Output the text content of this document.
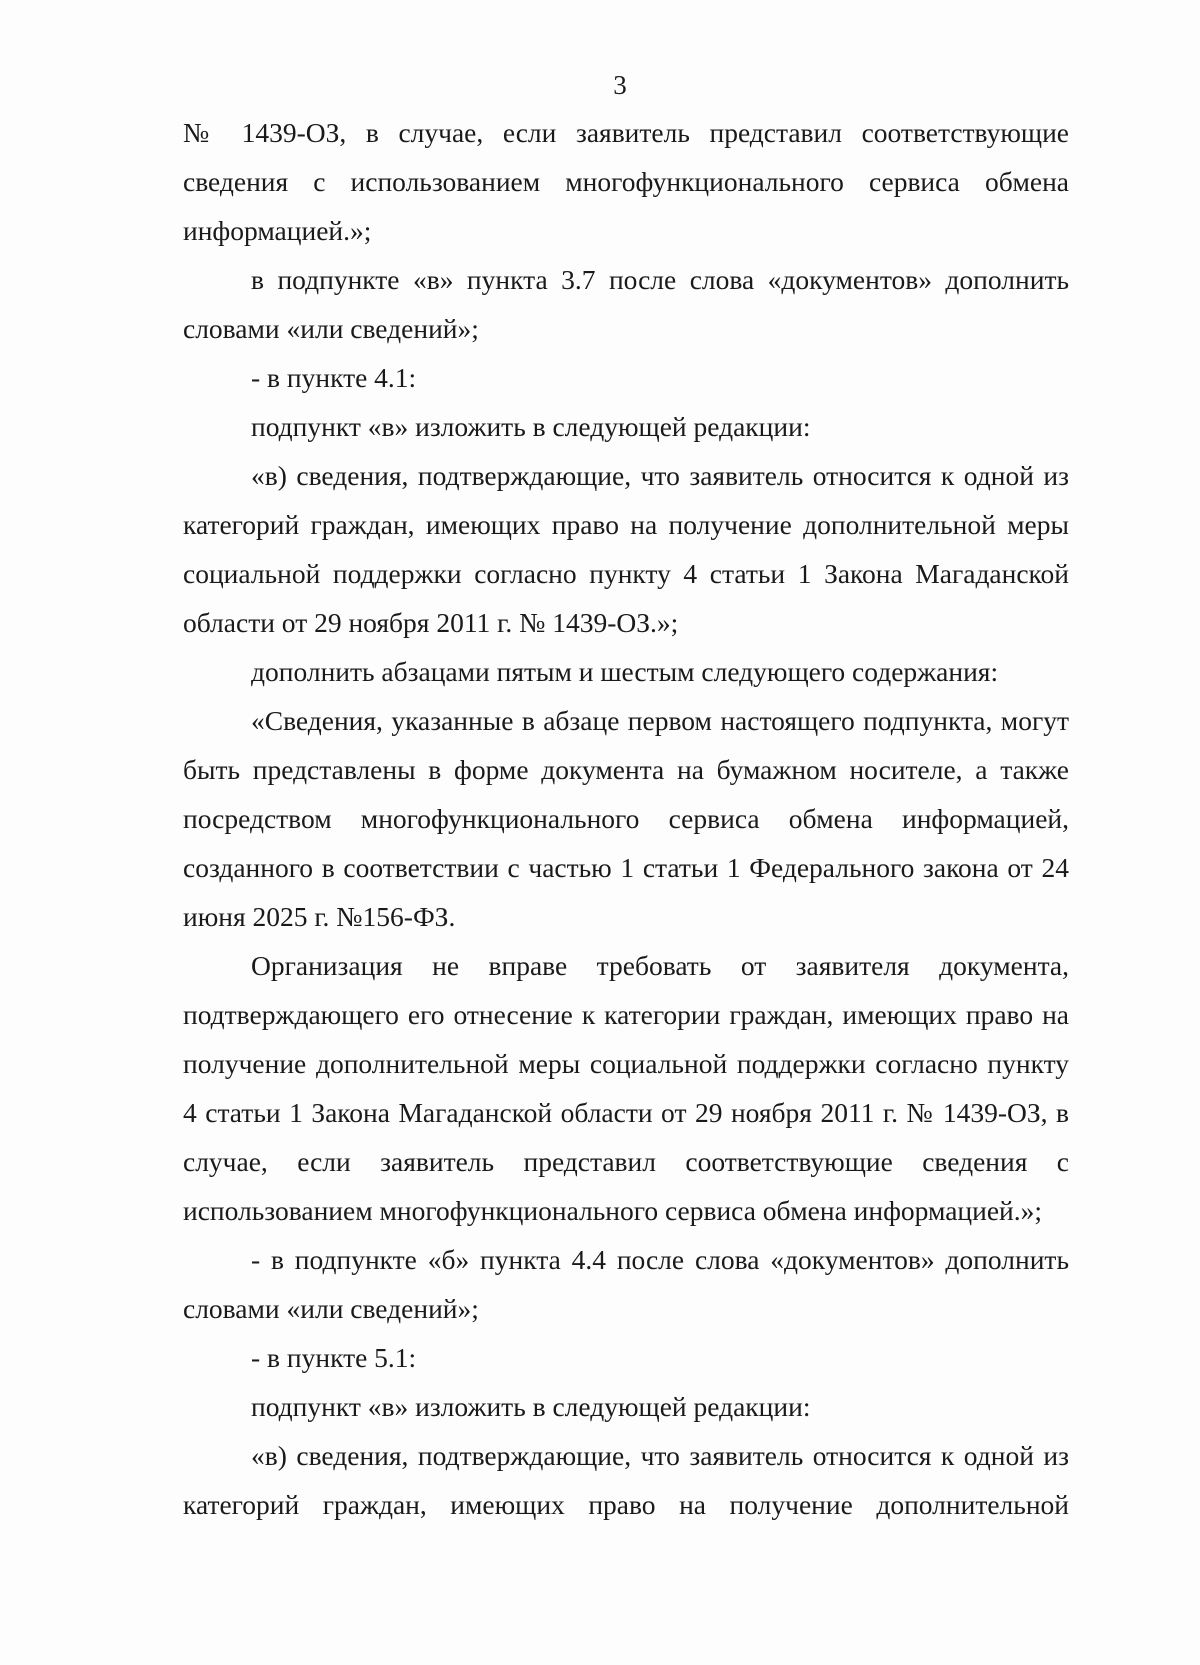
3

№ 1439-ОЗ, в случае, если заявитель представил соответствующие сведения с использованием многофункционального сервиса обмена информацией.»;

в подпункте «в» пункта 3.7 после слова «документов» дополнить словами «или сведений»;

- в пункте 4.1:

подпункт «в» изложить в следующей редакции:

«в) сведения, подтверждающие, что заявитель относится к одной из категорий граждан, имеющих право на получение дополнительной меры социальной поддержки согласно пункту 4 статьи 1 Закона Магаданской области от 29 ноября 2011 г. № 1439-ОЗ.»;

дополнить абзацами пятым и шестым следующего содержания:

«Сведения, указанные в абзаце первом настоящего подпункта, могут быть представлены в форме документа на бумажном носителе, а также посредством многофункционального сервиса обмена информацией, созданного в соответствии с частью 1 статьи 1 Федерального закона от 24 июня 2025 г. №156-ФЗ.

Организация не вправе требовать от заявителя документа, подтверждающего его отнесение к категории граждан, имеющих право на получение дополнительной меры социальной поддержки согласно пункту 4 статьи 1 Закона Магаданской области от 29 ноября 2011 г. № 1439-ОЗ, в случае, если заявитель представил соответствующие сведения с использованием многофункционального сервиса обмена информацией.»;

- в подпункте «б» пункта 4.4 после слова «документов» дополнить словами «или сведений»;

- в пункте 5.1:

подпункт «в» изложить в следующей редакции:

«в) сведения, подтверждающие, что заявитель относится к одной из категорий граждан, имеющих право на получение дополнительной
